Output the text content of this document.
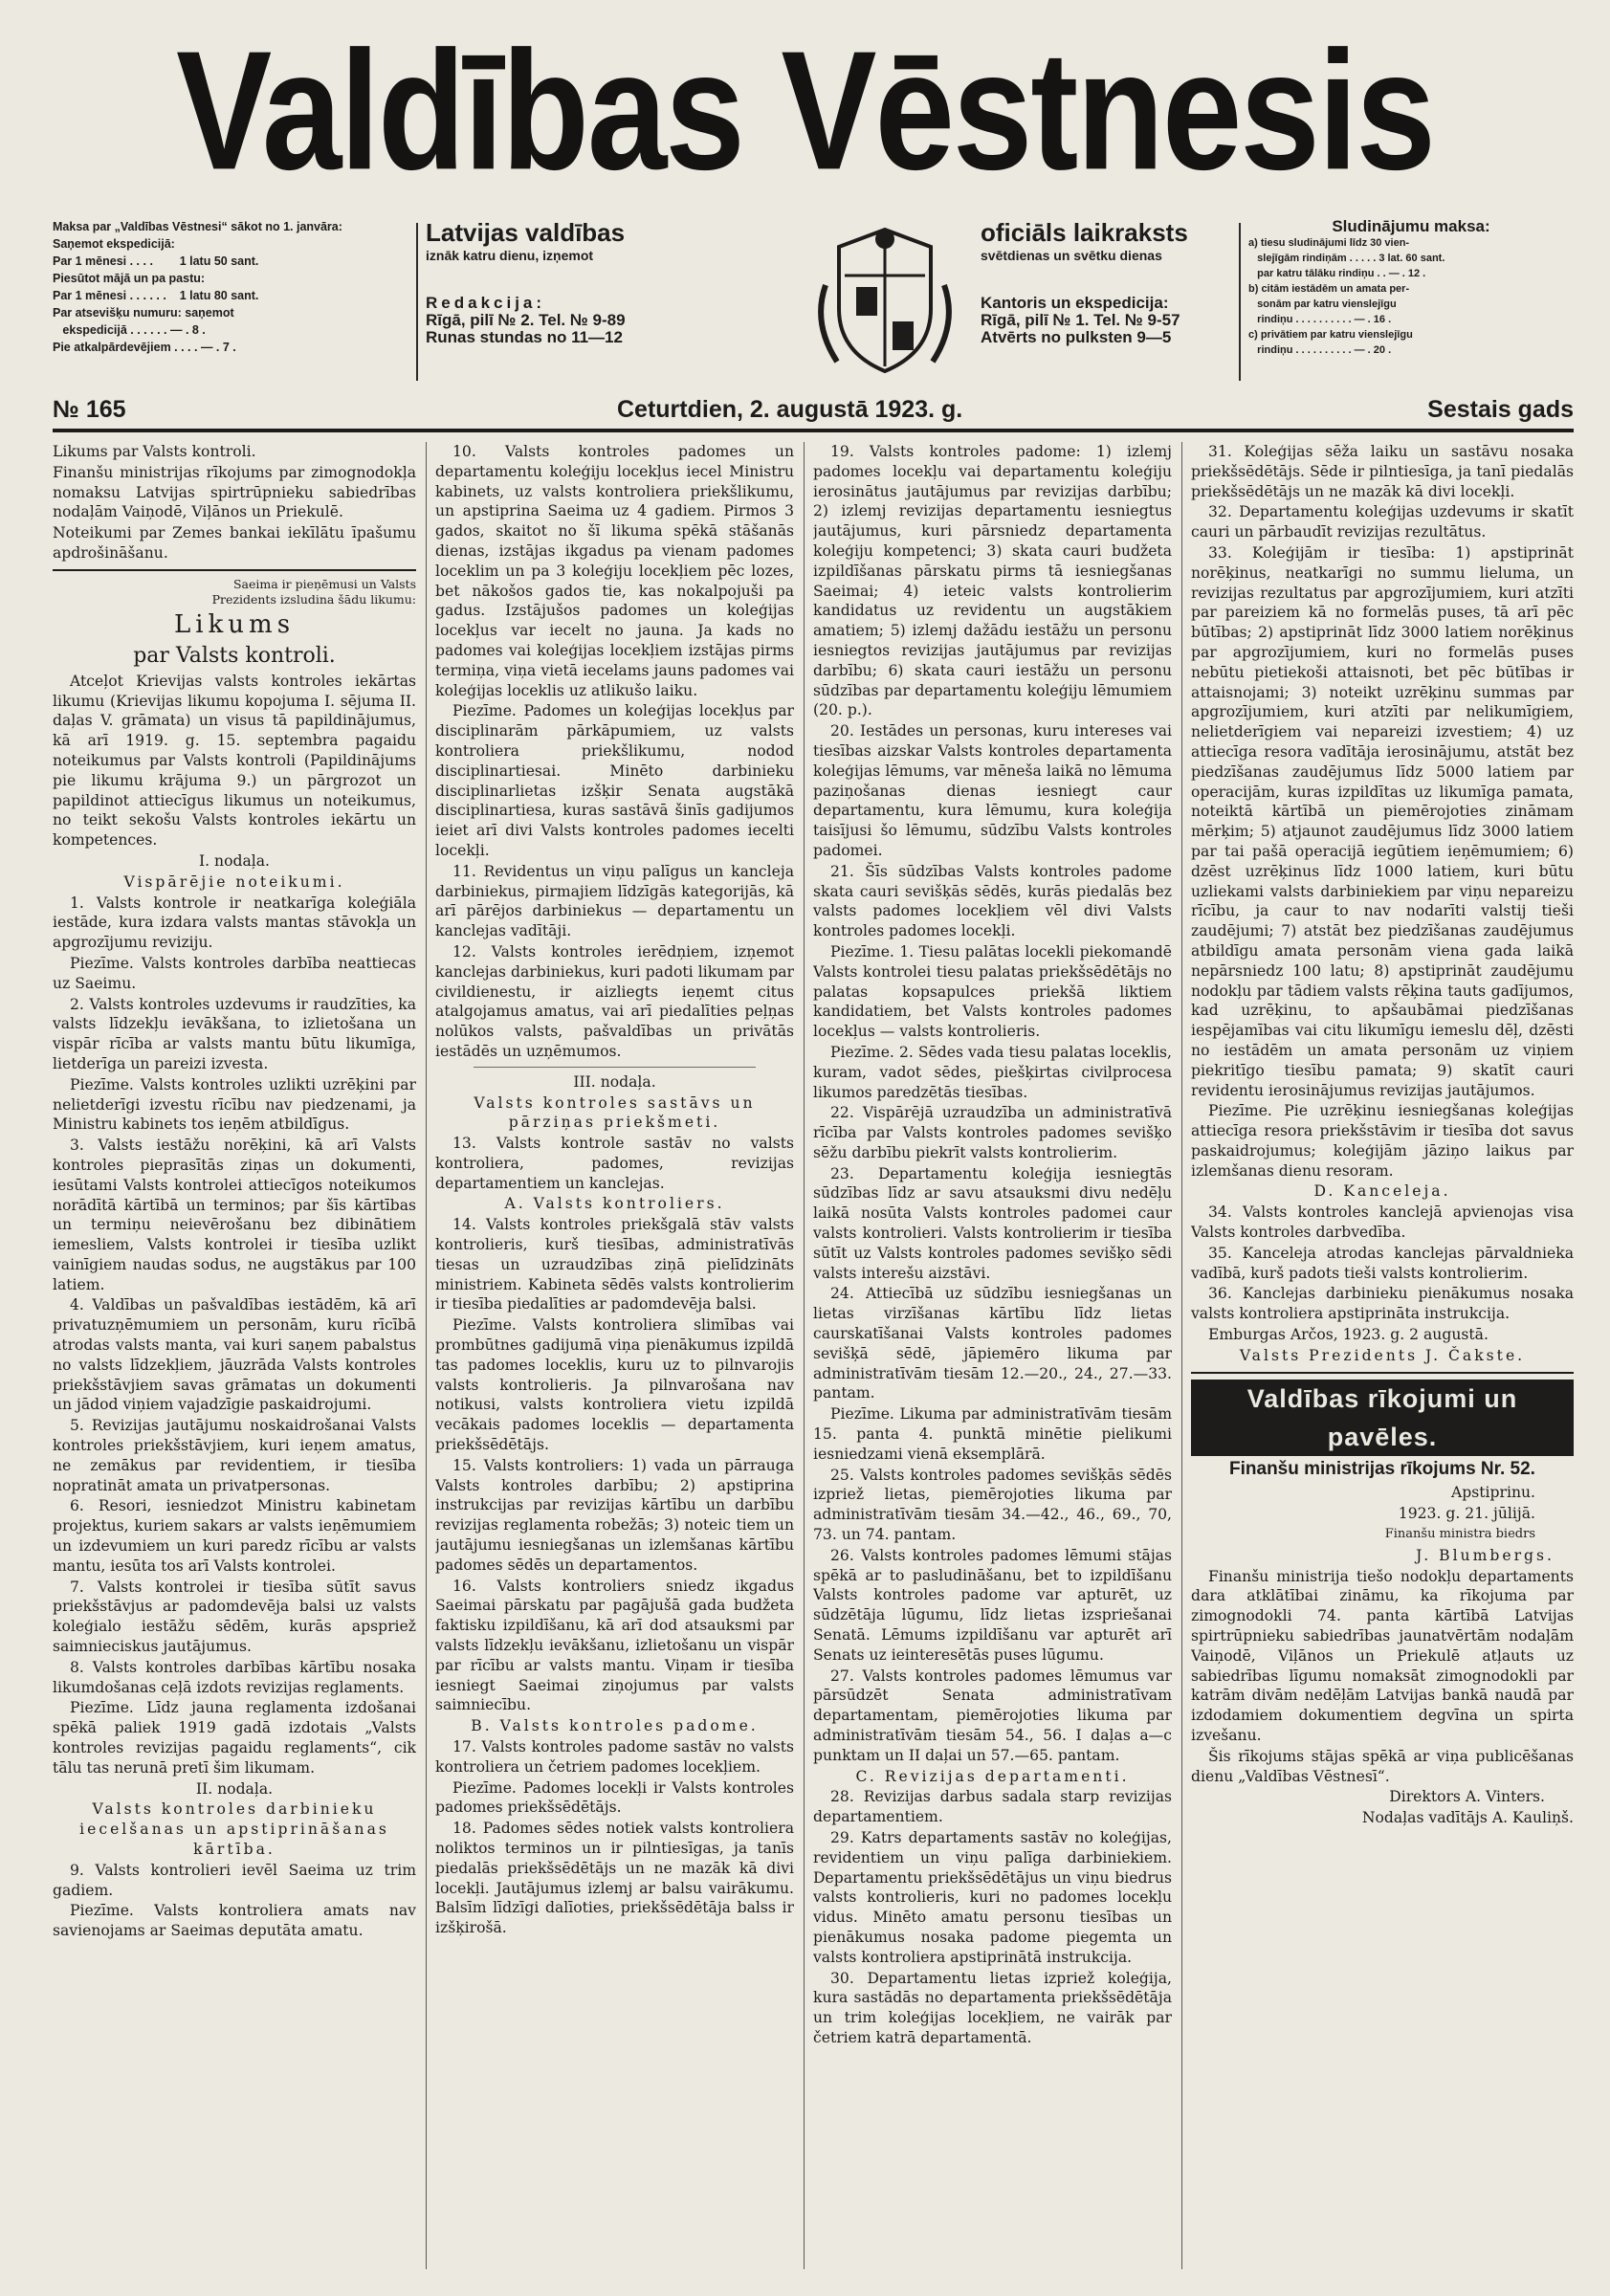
Valdības Vēstnesis
Maksa par „Valdības Vēstnesi“ sākot no 1. janvāra:
Saņemot ekspedicijā:
Par 1 mēnesi . . . .        1 latu 50 sant.
Piesūtot mājā un pa pastu:
Par 1 mēnesi . . . . . .    1 latu 80 sant.
Par atsevišķu numuru: saņemot
ekspedicijā . . . . . . — . 8 .
Pie atkalpārdevējiem . . . . — . 7 .
Latvijas valdības
iznāk katru dienu, izņemot
Redakcija:
Rīgā, pilī № 2. Tel. № 9-89
Runas stundas no 11—12
oficiāls laikraksts
svētdienas un svētku dienas
Kantoris un ekspedicija:
Rīgā, pilī № 1. Tel. № 9-57
Atvērts no pulksten 9—5
Sludinājumu maksa:
a) tiesu sludinājumi līdz 30 vien-
slejīgām rindiņām . . . . . 3 lat. 60 sant.
par katru tālāku rindiņu . . — . 12 .
b) citām iestādēm un amata per-
sonām par katru vienslejīgu
rindiņu . . . . . . . . . . — . 16 .
c) privātiem par katru vienslejīgu
rindiņu . . . . . . . . . . — . 20 .
№ 165	Ceturtdien, 2. augustā 1923. g.	Sestais gads

Likums par Valsts kontroli.

Finanšu ministrijas rīkojums par zimognodokļa nomaksu Latvijas spirtrūpnieku sabiedrības nodaļām Vaiņodē, Viļānos un Priekulē.

Noteikumi par Zemes bankai iekīlātu īpašumu apdrošināšanu.

Saeima ir pieņēmusi un Valsts Prezidents izsludina šādu likumu:

Likums

par Valsts kontroli.

Atceļot Krievijas valsts kontroles iekārtas likumu (Krievijas likumu kopojuma I. sējuma II. daļas V. grāmata) un visus tā papildinājumus, kā arī 1919. g. 15. septembra pagaidu noteikumus par Valsts kontroli (Papildinājums pie likumu krājuma 9.) un pārgrozot un papildinot attiecīgus likumus un noteikumus, no teikt sekošu Valsts kontroles iekārtu un kompetences.

I. nodaļa.

Vispārējie noteikumi.

1. Valsts kontrole ir neatkarīga koleģiāla iestāde, kura izdara valsts mantas stāvokļa un apgrozījumu reviziju.

Piezīme. Valsts kontroles darbība neattiecas uz Saeimu.

2. Valsts kontroles uzdevums ir raudzīties, ka valsts līdzekļu ievākšana, to izlietošana un vispār rīcība ar valsts mantu būtu likumīga, lietderīga un pareizi izvesta.

Piezīme. Valsts kontroles uzlikti uzrēķini par nelietderīgi izvestu rīcību nav piedzenami, ja Ministru kabinets tos ieņēm atbildīgus.

3. Valsts iestāžu norēķini, kā arī Valsts kontroles pieprasītās ziņas un dokumenti, iesūtami Valsts kontrolei attiecīgos noteikumos norādītā kārtībā un terminos; par šīs kārtības un termiņu neievērošanu bez dibinātiem iemesliem, Valsts kontrolei ir tiesība uzlikt vainīgiem naudas sodus, ne augstākus par 100 latiem.

4. Valdības un pašvaldības iestādēm, kā arī privatuzņēmumiem un personām, kuru rīcībā atrodas valsts manta, vai kuri saņem pabalstus no valsts līdzekļiem, jāuzrāda Valsts kontroles priekšstāvjiem savas grāmatas un dokumenti un jādod viņiem vajadzīgie paskaidrojumi.

5. Revizijas jautājumu noskaidrošanai Valsts kontroles priekšstāvjiem, kuri ieņem amatus, ne zemākus par revidentiem, ir tiesība nopratināt amata un privatpersonas.

6. Resori, iesniedzot Ministru kabinetam projektus, kuriem sakars ar valsts ieņēmumiem un izdevumiem un kuri paredz rīcību ar valsts mantu, iesūta tos arī Valsts kontrolei.

7. Valsts kontrolei ir tiesība sūtīt savus priekšstāvjus ar padomdevēja balsi uz valsts koleģialo iestāžu sēdēm, kurās apspriež saimnieciskus jautājumus.

8. Valsts kontroles darbības kārtību nosaka likumdošanas ceļā izdots revizijas reglaments.

Piezīme. Līdz jauna reglamenta izdošanai spēkā paliek 1919 gadā izdotais „Valsts kontroles revizijas pagaidu reglaments“, cik tālu tas nerunā pretī šim likumam.

II. nodaļa.

Valsts kontroles darbinieku iecelšanas un apstiprināšanas kārtība.

9. Valsts kontrolieri ievēl Saeima uz trim gadiem.

Piezīme. Valsts kontroliera amats nav savienojams ar Saeimas deputāta amatu.

10. Valsts kontroles padomes un departamentu koleģiju locekļus iecel Ministru kabinets, uz valsts kontroliera priekšlikumu, un apstiprina Saeima uz 4 gadiem. Pirmos 3 gados, skaitot no šī likuma spēkā stāšanās dienas, izstājas ikgadus pa vienam padomes loceklim un pa 3 koleģiju locekļiem pēc lozes, bet nākošos gados tie, kas nokalpojuši pa gadus. Izstājušos padomes un koleģijas locekļus var iecelt no jauna. Ja kads no padomes vai koleģijas locekļiem izstājas pirms termiņa, viņa vietā iecelams jauns padomes vai koleģijas loceklis uz atlikušo laiku.

Piezīme. Padomes un koleģijas locekļus par disciplinarām pārkāpumiem, uz valsts kontroliera priekšlikumu, nodod disciplinartiesai. Minēto darbinieku disciplinarlietas izšķir Senata augstākā disciplinartiesa, kuras sastāvā šinīs gadijumos ieiet arī divi Valsts kontroles padomes iecelti locekļi.

11. Revidentus un viņu palīgus un kancleja darbiniekus, pirmajiem līdzīgās kategorijās, kā arī pārējos darbiniekus — departamentu un kanclejas vadītāji.

12. Valsts kontroles ierēdņiem, izņemot kanclejas darbiniekus, kuri padoti likumam par civildienestu, ir aizliegts ieņemt citus atalgojamus amatus, vai arī piedalīties peļņas nolūkos valsts, pašvaldības un privātās iestādēs un uzņēmumos.

III. nodaļa.

Valsts kontroles sastāvs un pārziņas priekšmeti.

13. Valsts kontrole sastāv no valsts kontroliera, padomes, revizijas departamentiem un kanclejas.

A. Valsts kontroliers.

14. Valsts kontroles priekšgalā stāv valsts kontrolieris, kurš tiesības, administratīvās tiesas un uzraudzības ziņā pielīdzināts ministriem. Kabineta sēdēs valsts kontrolierim ir tiesība piedalīties ar padomdevēja balsi.

Piezīme. Valsts kontroliera slimības vai prombūtnes gadijumā viņa pienākumus izpildā tas padomes loceklis, kuru uz to pilnvarojis valsts kontrolieris. Ja pilnvarošana nav notikusi, valsts kontroliera vietu izpildā vecākais padomes loceklis — departamenta priekšsēdētājs.

15. Valsts kontroliers: 1) vada un pārrauga Valsts kontroles darbību; 2) apstiprina instrukcijas par revizijas kārtību un darbību revizijas reglamenta robežās; 3) noteic tiem un jautājumu iesniegšanas un izlemšanas kārtību padomes sēdēs un departamentos.

16. Valsts kontroliers sniedz ikgadus Saeimai pārskatu par pagājušā gada budžeta faktisku izpildīšanu, kā arī dod atsauksmi par valsts līdzekļu ievākšanu, izlietošanu un vispār par rīcību ar valsts mantu. Viņam ir tiesība iesniegt Saeimai ziņojumus par valsts saimniecību.

B. Valsts kontroles padome.

17. Valsts kontroles padome sastāv no valsts kontroliera un četriem padomes locekļiem.

Piezīme. Padomes locekļi ir Valsts kontroles padomes priekšsēdētājs.

18. Padomes sēdes notiek valsts kontroliera noliktos terminos un ir pilntiesīgas, ja tanīs piedalās priekšsēdētājs un ne mazāk kā divi locekļi. Jautājumus izlemj ar balsu vairākumu. Balsīm līdzīgi dalīoties, priekšsēdētāja balss ir izšķirošā.

19. Valsts kontroles padome: 1) izlemj padomes locekļu vai departamentu koleģiju ierosinātus jautājumus par revizijas darbību; 2) izlemj revizijas departamentu iesniegtus jautājumus, kuri pārsniedz departamenta koleģiju kompetenci; 3) skata cauri budžeta izpildīšanas pārskatu pirms tā iesniegšanas Saeimai; 4) ieteic valsts kontrolierim kandidatus uz revidentu un augstākiem amatiem; 5) izlemj dažādu iestāžu un personu iesniegtos revizijas jautājumus par revizijas darbību; 6) skata cauri iestāžu un personu sūdzības par departamentu koleģiju lēmumiem (20. p.).

20. Iestādes un personas, kuru intereses vai tiesības aizskar Valsts kontroles departamenta koleģijas lēmums, var mēneša laikā no lēmuma paziņošanas dienas iesniegt caur departamentu, kura lēmumu, kura koleģija taisījusi šo lēmumu, sūdzību Valsts kontroles padomei.

21. Šīs sūdzības Valsts kontroles padome skata cauri sevišķās sēdēs, kurās piedalās bez valsts padomes locekļiem vēl divi Valsts kontroles padomes locekļi.

Piezīme. 1. Tiesu palātas locekli piekomandē Valsts kontrolei tiesu palatas priekšsēdētājs no palatas kopsapulces priekšā liktiem kandidatiem, bet Valsts kontroles padomes locekļus — valsts kontrolieris.

Piezīme. 2. Sēdes vada tiesu palatas loceklis, kuram, vadot sēdes, piešķirtas civilprocesa likumos paredzētās tiesības.

22. Vispārējā uzraudzība un administratīvā rīcība par Valsts kontroles padomes sevišķo sēžu darbību piekrīt valsts kontrolierim.

23. Departamentu koleģija iesniegtās sūdzības līdz ar savu atsauksmi divu nedēļu laikā nosūta Valsts kontroles padomei caur valsts kontrolieri. Valsts kontrolierim ir tiesība sūtīt uz Valsts kontroles padomes sevišķo sēdi valsts interešu aizstāvi.

24. Attiecībā uz sūdzību iesniegšanas un lietas virzīšanas kārtību līdz lietas caurskatīšanai Valsts kontroles padomes sevišķā sēdē, jāpiemēro likuma par administratīvām tiesām 12.—20., 24., 27.—33. pantam.

Piezīme. Likuma par administratīvām tiesām 15. panta 4. punktā minētie pielikumi iesniedzami vienā eksemplārā.

25. Valsts kontroles padomes sevišķās sēdēs izpriež lietas, piemērojoties likuma par administratīvām tiesām 34.—42., 46., 69., 70, 73. un 74. pantam.

26. Valsts kontroles padomes lēmumi stājas spēkā ar to pasludināšanu, bet to izpildīšanu Valsts kontroles padome var apturēt, uz sūdzētāja lūgumu, līdz lietas izspriešanai Senatā. Lēmums izpildīšanu var apturēt arī Senats uz ieinteresētās puses lūgumu.

27. Valsts kontroles padomes lēmumus var pārsūdzēt Senata administratīvam departamentam, piemērojoties likuma par administratīvām tiesām 54., 56. I daļas a—c punktam un II daļai un 57.—65. pantam.

C. Revizijas departamenti.

28. Revizijas darbus sadala starp revizijas departamentiem.

29. Katrs departaments sastāv no koleģijas, revidentiem un viņu palīga darbiniekiem. Departamentu priekšsēdētājus un viņu biedrus valsts kontrolieris, kuri no padomes locekļu vidus. Minēto amatu personu tiesības un pienākumus nosaka padome piegemta un valsts kontroliera apstiprinātā instrukcija.

30. Departamentu lietas izpriež koleģija, kura sastādās no departamenta priekšsēdētāja un trim koleģijas locekļiem, ne vairāk par četriem katrā departamentā.

31. Koleģijas sēža laiku un sastāvu nosaka priekšsēdētājs. Sēde ir pilntiesīga, ja tanī piedalās priekšsēdētājs un ne mazāk kā divi locekļi.

32. Departamentu koleģijas uzdevums ir skatīt cauri un pārbaudīt revizijas rezultātus.

33. Koleģijām ir tiesība: 1) apstiprināt norēķinus, neatkarīgi no summu lieluma, un revizijas rezultatus par apgrozījumiem, kuri atzīti par pareiziem kā no formelās puses, tā arī pēc būtības; 2) apstiprināt līdz 3000 latiem norēķinus par apgrozījumiem, kuri no formelās puses nebūtu pietiekoši attaisnoti, bet pēc būtības ir attaisnojami; 3) noteikt uzrēķinu summas par apgrozījumiem, kuri atzīti par nelikumīgiem, nelietderīgiem vai nepareizi izvestiem; 4) uz attiecīga resora vadītāja ierosinājumu, atstāt bez piedzīšanas zaudējumus līdz 5000 latiem par operacijām, kuras izpildītas uz likumīga pamata, noteiktā kārtībā un piemērojoties zināmam mērķim; 5) atjaunot zaudējumus līdz 3000 latiem par tai pašā operacijā iegūtiem ieņēmumiem; 6) dzēst uzrēķinus līdz 1000 latiem, kuri būtu uzliekami valsts darbiniekiem par viņu nepareizu rīcību, ja caur to nav nodarīti valstij tieši zaudējumi; 7) atstāt bez piedzīšanas zaudējumus atbildīgu amata personām viena gada laikā nepārsniedz 100 latu; 8) apstiprināt zaudējumu nodokļu par tādiem valsts rēķina tauts gadījumos, kad uzrēķinu, to apšaubāmai piedzīšanas iespējamības vai citu likumīgu iemeslu dēļ, dzēsti no iestādēm un amata personām uz viņiem piekritīgo tiesību pamata; 9) skatīt cauri revidentu ierosinājumus revizijas jautājumos.

Piezīme. Pie uzrēķinu iesniegšanas koleģijas attiecīga resora priekšstāvim ir tiesība dot savus paskaidrojumus; koleģijām jāziņo laikus par izlemšanas dienu resoram.

D. Kanceleja.

34. Valsts kontroles kanclejā apvienojas visa Valsts kontroles darbvedība.

35. Kanceleja atrodas kanclejas pārvaldnieka vadībā, kurš padots tieši valsts kontrolierim.

36. Kanclejas darbinieku pienākumus nosaka valsts kontroliera apstiprināta instrukcija.

Emburgas Arčos, 1923. g. 2 augustā.

Valsts Prezidents J. Čakste.

Valdības rīkojumi un pavēles.
Finanšu ministrijas rīkojums Nr. 52.

Apstiprinu.

1923. g. 21. jūlijā.

Finanšu ministra biedrs

J. Blumbergs.

Finanšu ministrija tiešo nodokļu departaments dara atklātībai zināmu, ka rīkojuma par zimognodokli 74. panta kārtībā Latvijas spirtrūpnieku sabiedrības jaunatvērtām nodaļām Vaiņodē, Viļānos un Priekulē atļauts uz sabiedrības līgumu nomaksāt zimognodokli par katrām divām nedēļām Latvijas bankā naudā par izdodamiem dokumentiem degvīna un spirta izvešanu.

Šis rīkojums stājas spēkā ar viņa publicēšanas dienu „Valdības Vēstnesī“.

Direktors A. Vinters.

Nodaļas vadītājs A. Kauliņš.
